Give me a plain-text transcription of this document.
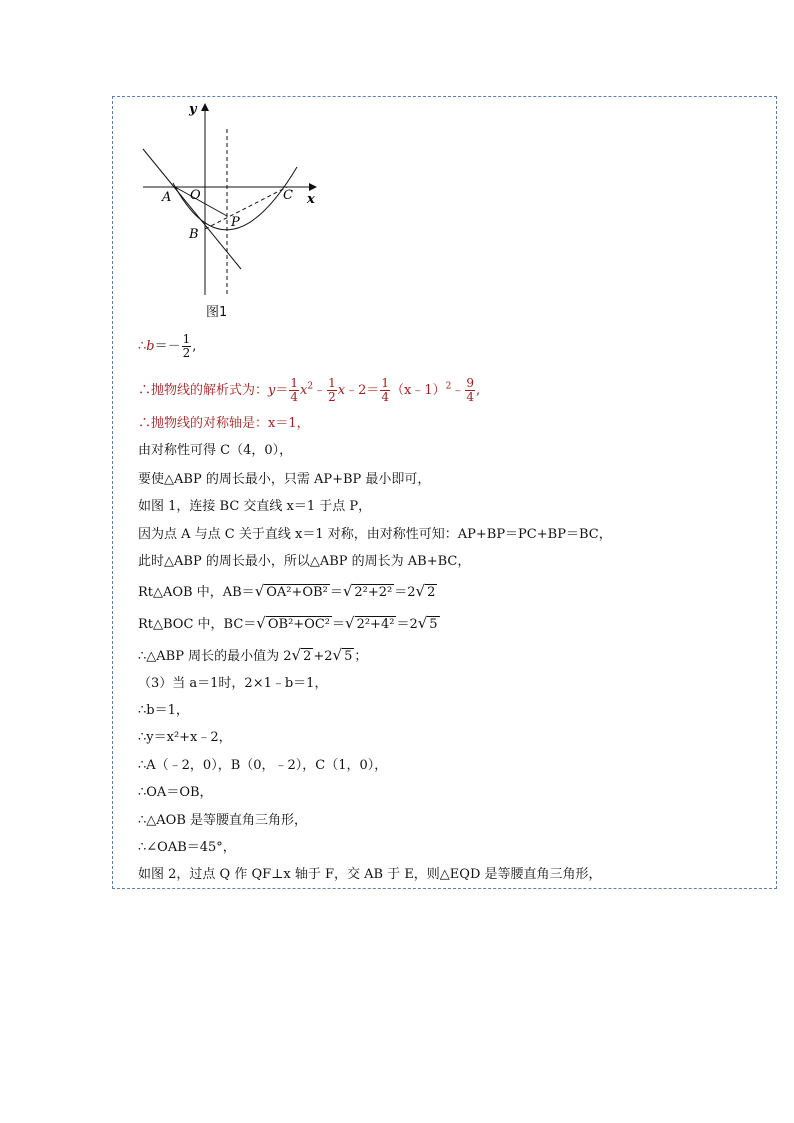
y
x
A O	C
P
B
图1
∴b＝－ $\frac{1}{2}$ ,
∴抛物线的解析式为：$y= \frac{1}{4}$ $x^2﹣ \frac{1}{2}$ x﹣2＝ $\frac{1}{4}$ （x﹣1）$^2$﹣ $\frac{9}{4}$ ,
∴抛物线的对称轴是：x＝1，
由对称性可得 C（4，0），
要使△ABP 的周长最小，只需 AP+BP 最小即可，
如图 1，连接 BC 交直线 x＝1 于点 P，
因为点 A 与点 C 关于直线 x＝1 对称，由对称性可知：AP+BP＝PC+BP＝BC，
此时△ABP 的周长最小，所以△ABP 的周长为 AB+BC，
Rt△AOB 中，AB＝√ OA²+OB² ＝√ 2²+2² ＝2√ 2
Rt△BOC 中，BC＝√ OB²+OC² ＝√ 2²+4² ＝2√ 5
∴△ABP 周长的最小值为 2√ 2 +2√ 5 ；
（3）当 a＝1时，2×1﹣b＝1，
∴b＝1，
∴y＝x²+x﹣2，
∴A（﹣2，0），B（0，﹣2），C（1，0），
∴OA＝OB，
∴△AOB 是等腰直角三角形，
∴∠OAB＝45°，
如图 2，过点 Q 作 QF⊥x 轴于 F，交 AB 于 E，则△EQD 是等腰直角三角形，
